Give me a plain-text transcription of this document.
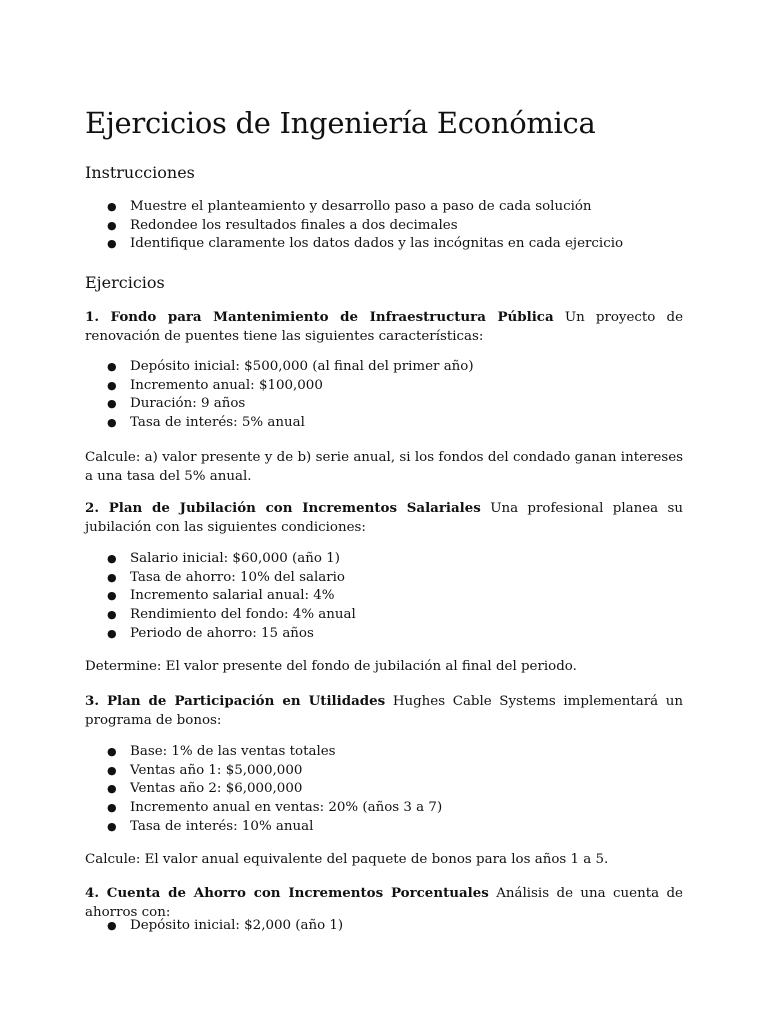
Ejercicios de Ingeniería Económica
Instrucciones
● Muestre el planteamiento y desarrollo paso a paso de cada solución
● Redondee los resultados finales a dos decimales
● Identifique claramente los datos dados y las incógnitas en cada ejercicio
Ejercicios

1. Fondo para Mantenimiento de Infraestructura Pública Un proyecto de renovación de puentes tiene las siguientes características:

● Depósito inicial: $500,000 (al final del primer año)
● Incremento anual: $100,000
● Duración: 9 años
● Tasa de interés: 5% anual

Calcule: a) valor presente y de b) serie anual, si los fondos del condado ganan intereses a una tasa del 5% anual.

2. Plan de Jubilación con Incrementos Salariales Una profesional planea su jubilación con las siguientes condiciones:

● Salario inicial: $60,000 (año 1)
● Tasa de ahorro: 10% del salario
● Incremento salarial anual: 4%
● Rendimiento del fondo: 4% anual
● Periodo de ahorro: 15 años

Determine: El valor presente del fondo de jubilación al final del periodo.

3. Plan de Participación en Utilidades Hughes Cable Systems implementará un programa de bonos:

● Base: 1% de las ventas totales
● Ventas año 1: $5,000,000
● Ventas año 2: $6,000,000
● Incremento anual en ventas: 20% (años 3 a 7)
● Tasa de interés: 10% anual

Calcule: El valor anual equivalente del paquete de bonos para los años 1 a 5.

4. Cuenta de Ahorro con Incrementos Porcentuales Análisis de una cuenta de ahorros con:

● Depósito inicial: $2,000 (año 1)
